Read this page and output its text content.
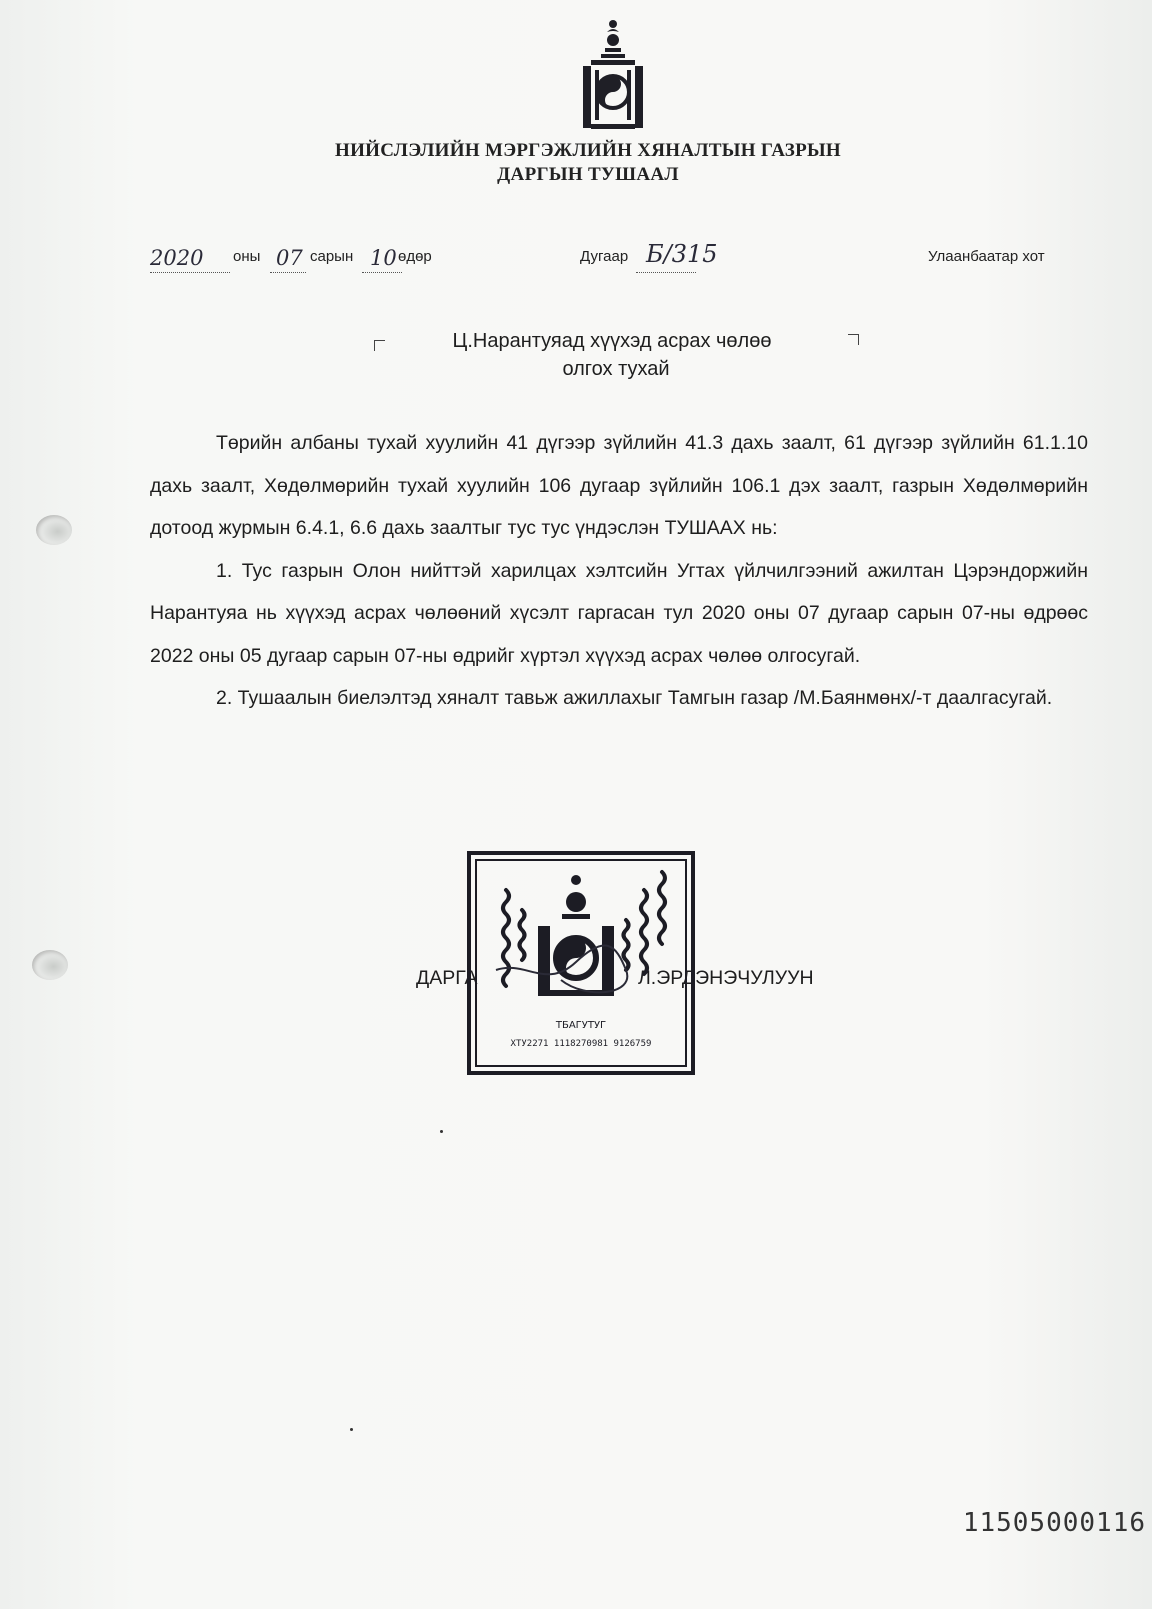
НИЙСЛЭЛИЙН МЭРГЭЖЛИЙН ХЯНАЛТЫН ГАЗРЫН
ДАРГЫН ТУШААЛ
2020 оны 07 сарын 10 өдөр	Дугаар Б/315	Улаанбаатар хот
Ц.Нарантуяад хүүхэд асрах чөлөө
олгох тухай

Төрийн албаны тухай хуулийн 41 дүгээр зүйлийн 41.3 дахь заалт, 61 дүгээр зүйлийн 61.1.10 дахь заалт, Хөдөлмөрийн тухай хуулийн 106 дугаар зүйлийн 106.1 дэх заалт, газрын Хөдөлмөрийн дотоод журмын 6.4.1, 6.6 дахь заалтыг тус тус үндэслэн ТУШААХ нь:

1. Тус газрын Олон нийттэй харилцах хэлтсийн Угтах үйлчилгээний ажилтан Цэрэндоржийн Нарантуяа нь хүүхэд асрах чөлөөний хүсэлт гаргасан тул 2020 оны 07 дугаар сарын 07-ны өдрөөс 2022 оны 05 дугаар сарын 07-ны өдрийг хүртэл хүүхэд асрах чөлөө олгосугай.

2. Тушаалын биелэлтэд хяналт тавьж ажиллахыг Тамгын газар /М.Баянмөнх/-т даалгасугай.

ДАРГА	Л.ЭРДЭНЭЧУЛУУН
ТБАГУТУГ
ХТУ2271 1118270981 9126759
11505000116
